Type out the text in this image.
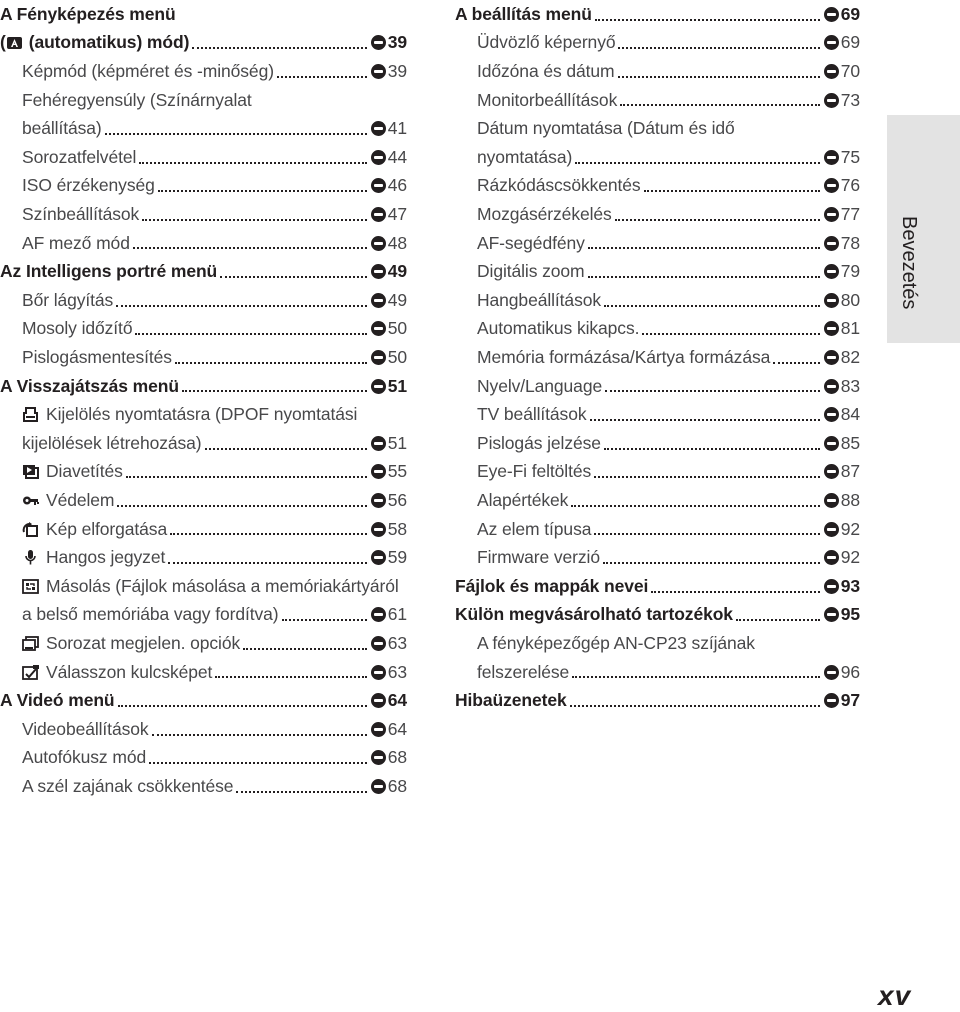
A Fényképezés menü
( (automatikus) mód)	39
Képmód (képméret és -minőség)	39
Fehéregyensúly (Színárnyalat
beállítása)	41
Sorozatfelvétel	44
ISO érzékenység	46
Színbeállítások	47
AF mező mód	48
Az Intelligens portré menü	49
Bőr lágyítás	49
Mosoly időzítő	50
Pislogásmentesítés	50
A Visszajátszás menü	51
Kijelölés nyomtatásra (DPOF nyomtatási
kijelölések létrehozása)	51
Diavetítés	55
Védelem	56
Kép elforgatása	58
Hangos jegyzet	59
Másolás (Fájlok másolása a memóriakártyáról
a belső memóriába vagy fordítva)	61
Sorozat megjelen. opciók	63
Válasszon kulcsképet	63
A Videó menü	64
Videobeállítások	64
Autofókusz mód	68
A szél zajának csökkentése	68
A beállítás menü	69
Üdvözlő képernyő	69
Időzóna és dátum	70
Monitorbeállítások	73
Dátum nyomtatása (Dátum és idő
nyomtatása)	75
Rázkódáscsökkentés	76
Mozgásérzékelés	77
AF-segédfény	78
Digitális zoom	79
Hangbeállítások	80
Automatikus kikapcs.	81
Memória formázása/Kártya formázása	82
Nyelv/Language	83
TV beállítások	84
Pislogás jelzése	85
Eye-Fi feltöltés	87
Alapértékek	88
Az elem típusa	92
Firmware verzió	92
Fájlok és mappák nevei	93
Külön megvásárolható tartozékok	95
A fényképezőgép AN-CP23 szíjának
felszerelése	96
Hibaüzenetek	97
Bevezetés
xv
